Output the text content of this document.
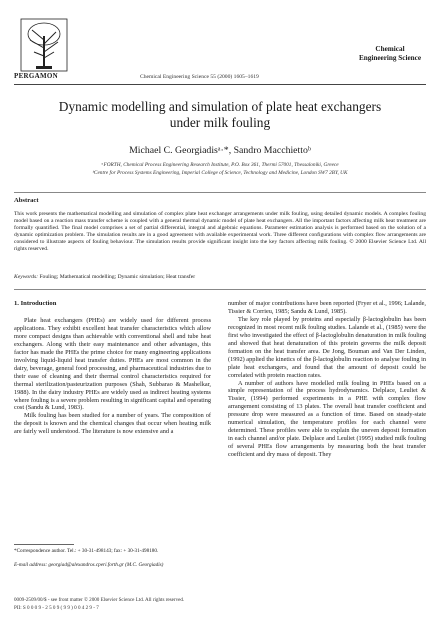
PERGAMON	Chemical Engineering Science 55 (2000) 1605–1619
Chemical
Engineering Science
Dynamic modelling and simulation of plate heat exchangers
under milk fouling
Michael C. Georgiadisᵃ·*, Sandro Macchiettoᵇ
ᵃFORTH, Chemical Process Engineering Research Institute, P.O. Box 361, Thermi 57001, Thessaloniki, Greece
ᵇCentre for Process Systems Engineering, Imperial College of Science, Technology and Medicine, London SW7 2BY, UK
Abstract
This work presents the mathematical modelling and simulation of complex plate heat exchanger arrangements under milk fouling, using detailed dynamic models. A complex fouling model based on a reaction mass transfer scheme is coupled with a general thermal dynamic model of plate heat exchangers. All the important factors affecting milk heat treatment are formally quantified. The final model comprises a set of partial differential, integral and algebraic equations. Parameter estimation analysis is performed based on the solution of a dynamic optimization problem. The simulation results are in a good agreement with available experimental work. Three different configurations with complex flow arrangements are considered to illustrate aspects of fouling behaviour. The simulation results provide significant insight into the key factors affecting milk fouling. © 2000 Elsevier Science Ltd. All rights reserved.
Keywords: Fouling; Mathematical modelling; Dynamic simulation; Heat transfer
1. Introduction

Plate heat exchangers (PHEs) are widely used for different process applications. They exhibit excellent heat transfer characteristics which allow more compact designs than achievable with conventional shell and tube heat exchangers. Along with their easy maintenance and other advantages, this factor has made the PHEs the prime choice for many engineering applications involving liquid-liquid heat transfer duties. PHEs are most common in the dairy, beverage, general food processing, and pharmaceutical industries due to their ease of cleaning and their thermal control characteristics required for thermal sterilization/pasteurization purposes (Shah, Subbarao & Mashelkar, 1988). In the dairy industry PHEs are widely used as indirect heating systems where fouling is a severe problem resulting in significant capital and operating cost (Sandu & Lund, 1983).

Milk fouling has been studied for a number of years. The composition of the deposit is known and the chemical changes that occur when heating milk are fairly well understood. The literature is now extensive and a

number of major contributions have been reported (Fryer et al., 1996; Lalande, Tissier & Corrieu, 1985; Sandu & Lund, 1985).

The key role played by proteins and especially β-lactoglobulin has been recognized in most recent milk fouling studies. Lalande et al., (1985) were the first who investigated the effect of β-lactoglobulin denaturation in milk fouling and showed that heat denaturation of this protein governs the milk deposit formation on the heat transfer area. De Jong, Bouman and Van Der Linden, (1992) applied the kinetics of the β-lactoglobulin reaction to analyse fouling in plate heat exchangers, and found that the amount of deposit could be correlated with protein reaction rates.

A number of authors have modelled milk fouling in PHEs based on a simple representation of the process hydrodynamics. Delplace, Leuliet & Tissier, (1994) performed experiments in a PHE with complex flow arrangement consisting of 13 plates. The overall heat transfer coefficient and pressure drop were measured as a function of time. Based on steady-state numerical simulation, the temperature profiles for each channel were determined. These profiles were able to explain the uneven deposit formation in each channel and/or plate. Delplace and Leuliet (1995) studied milk fouling of several PHEs flow arrangements by measuring both the heat transfer coefficient and dry mass of deposit. They

*Correspondence author. Tel.: + 30-31-498143; fax: + 30-31-498180.
E-mail address: georgiad@alexandros.cperi.forth.gr (M.C. Georgiadis)
0009-2509/00/$ - see front matter © 2000 Elsevier Science Ltd. All rights reserved.
PII: S 0 0 0 9 - 2 5 0 9 ( 9 9 ) 0 0 4 2 9 - 7
